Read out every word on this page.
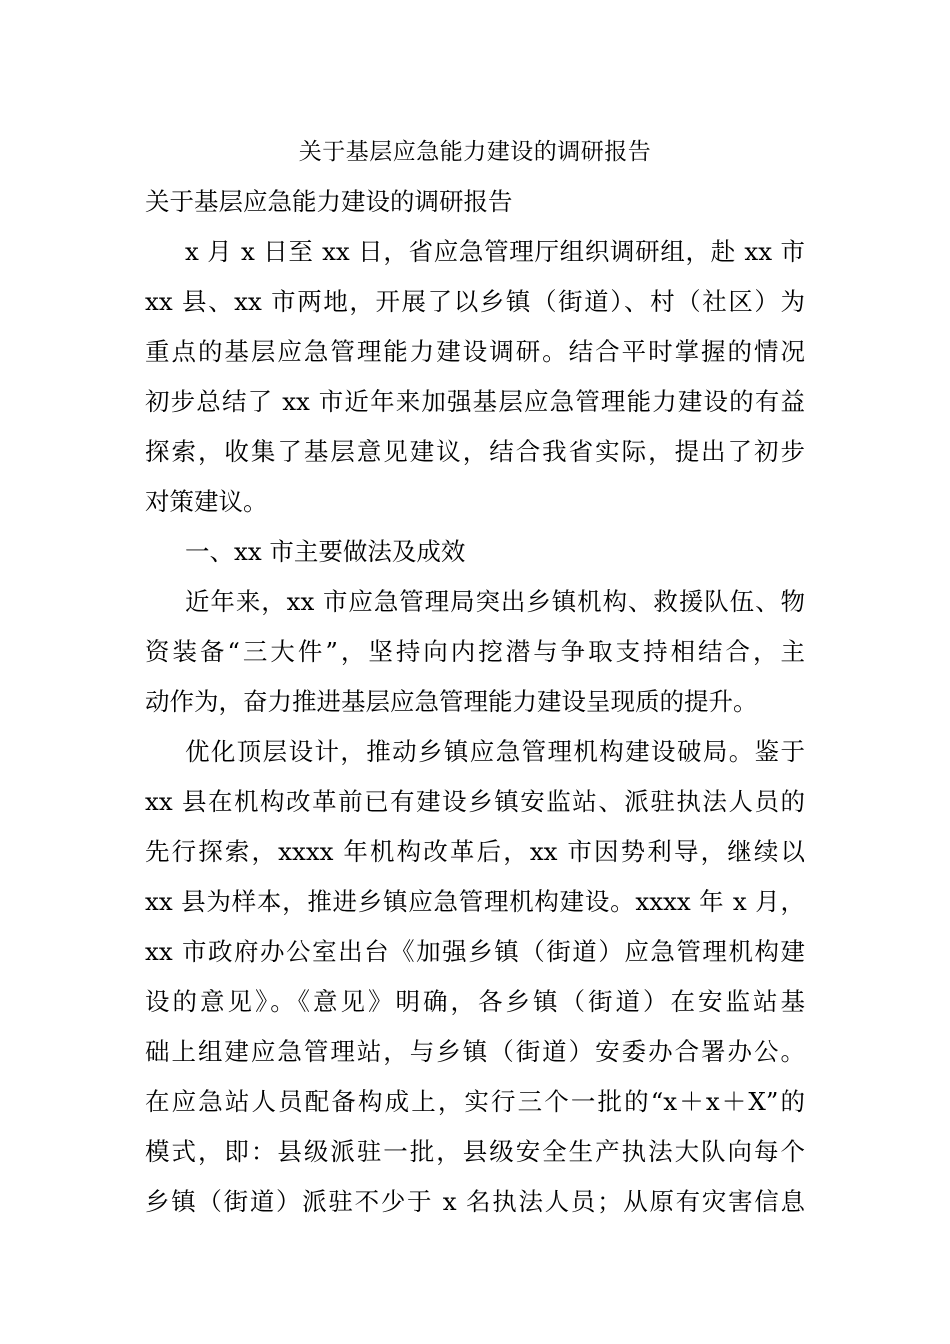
关于基层应急能力建设的调研报告
关于基层应急能力建设的调研报告
x 月 x 日至 xx 日，省应急管理厅组织调研组，赴 xx 市
xx 县、xx 市两地，开展了以乡镇（街道）、村（社区）为
重点的基层应急管理能力建设调研。结合平时掌握的情况
初步总结了 xx 市近年来加强基层应急管理能力建设的有益
探索，收集了基层意见建议，结合我省实际，提出了初步
对策建议。
一、xx 市主要做法及成效
近年来，xx 市应急管理局突出乡镇机构、救援队伍、物
资装备“三大件”，坚持向内挖潜与争取支持相结合，主
动作为，奋力推进基层应急管理能力建设呈现质的提升。
优化顶层设计，推动乡镇应急管理机构建设破局。鉴于
xx 县在机构改革前已有建设乡镇安监站、派驻执法人员的
先行探索，xxxx 年机构改革后，xx 市因势利导，继续以
xx 县为样本，推进乡镇应急管理机构建设。xxxx 年 x 月，
xx 市政府办公室出台《加强乡镇（街道）应急管理机构建
设的意见》。《意见》明确，各乡镇（街道）在安监站基
础上组建应急管理站，与乡镇（街道）安委办合署办公。
在应急站人员配备构成上，实行三个一批的“x＋x＋X”的
模式，即：县级派驻一批，县级安全生产执法大队向每个
乡镇（街道）派驻不少于 x 名执法人员；从原有灾害信息
